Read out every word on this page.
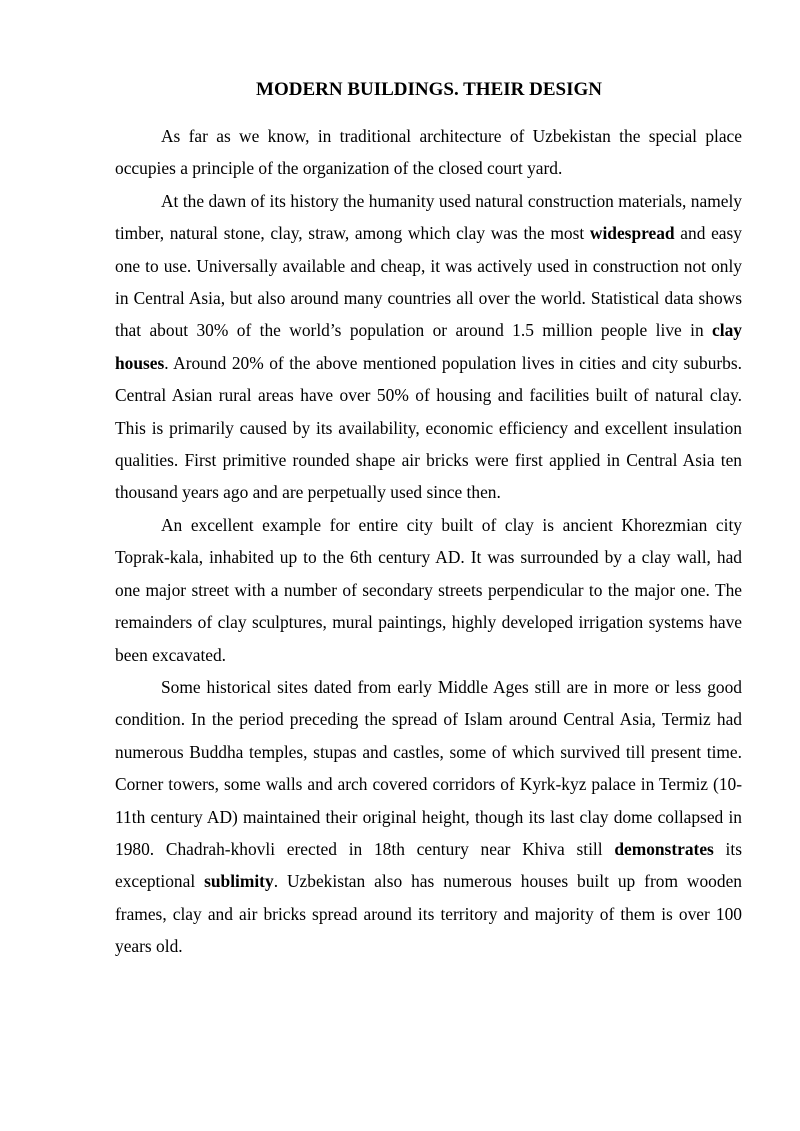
MODERN BUILDINGS. THEIR DESIGN

As far as we know, in traditional architecture of Uzbekistan the special place occupies a principle of the organization of the closed court yard.

At the dawn of its history the humanity used natural construction materials, namely timber, natural stone, clay, straw, among which clay was the most widespread and easy one to use. Universally available and cheap, it was actively used in construction not only in Central Asia, but also around many countries all over the world. Statistical data shows that about 30% of the world’s population or around 1.5 million people live in clay houses. Around 20% of the above mentioned population lives in cities and city suburbs. Central Asian rural areas have over 50% of housing and facilities built of natural clay. This is primarily caused by its availability, economic efficiency and excellent insulation qualities. First primitive rounded shape air bricks were first applied in Central Asia ten thousand years ago and are perpetually used since then.

An excellent example for entire city built of clay is ancient Khorezmian city Toprak-kala, inhabited up to the 6th century AD. It was surrounded by a clay wall, had one major street with a number of secondary streets perpendicular to the major one. The remainders of clay sculptures, mural paintings, highly developed irrigation systems have been excavated.

Some historical sites dated from early Middle Ages still are in more or less good condition. In the period preceding the spread of Islam around Central Asia, Termiz had numerous Buddha temples, stupas and castles, some of which survived till present time. Corner towers, some walls and arch covered corridors of Kyrk-kyz palace in Termiz (10-11th century AD) maintained their original height, though its last clay dome collapsed in 1980. Chadrah-khovli erected in 18th century near Khiva still demonstrates its exceptional sublimity. Uzbekistan also has numerous houses built up from wooden frames, clay and air bricks spread around its territory and majority of them is over 100 years old.
